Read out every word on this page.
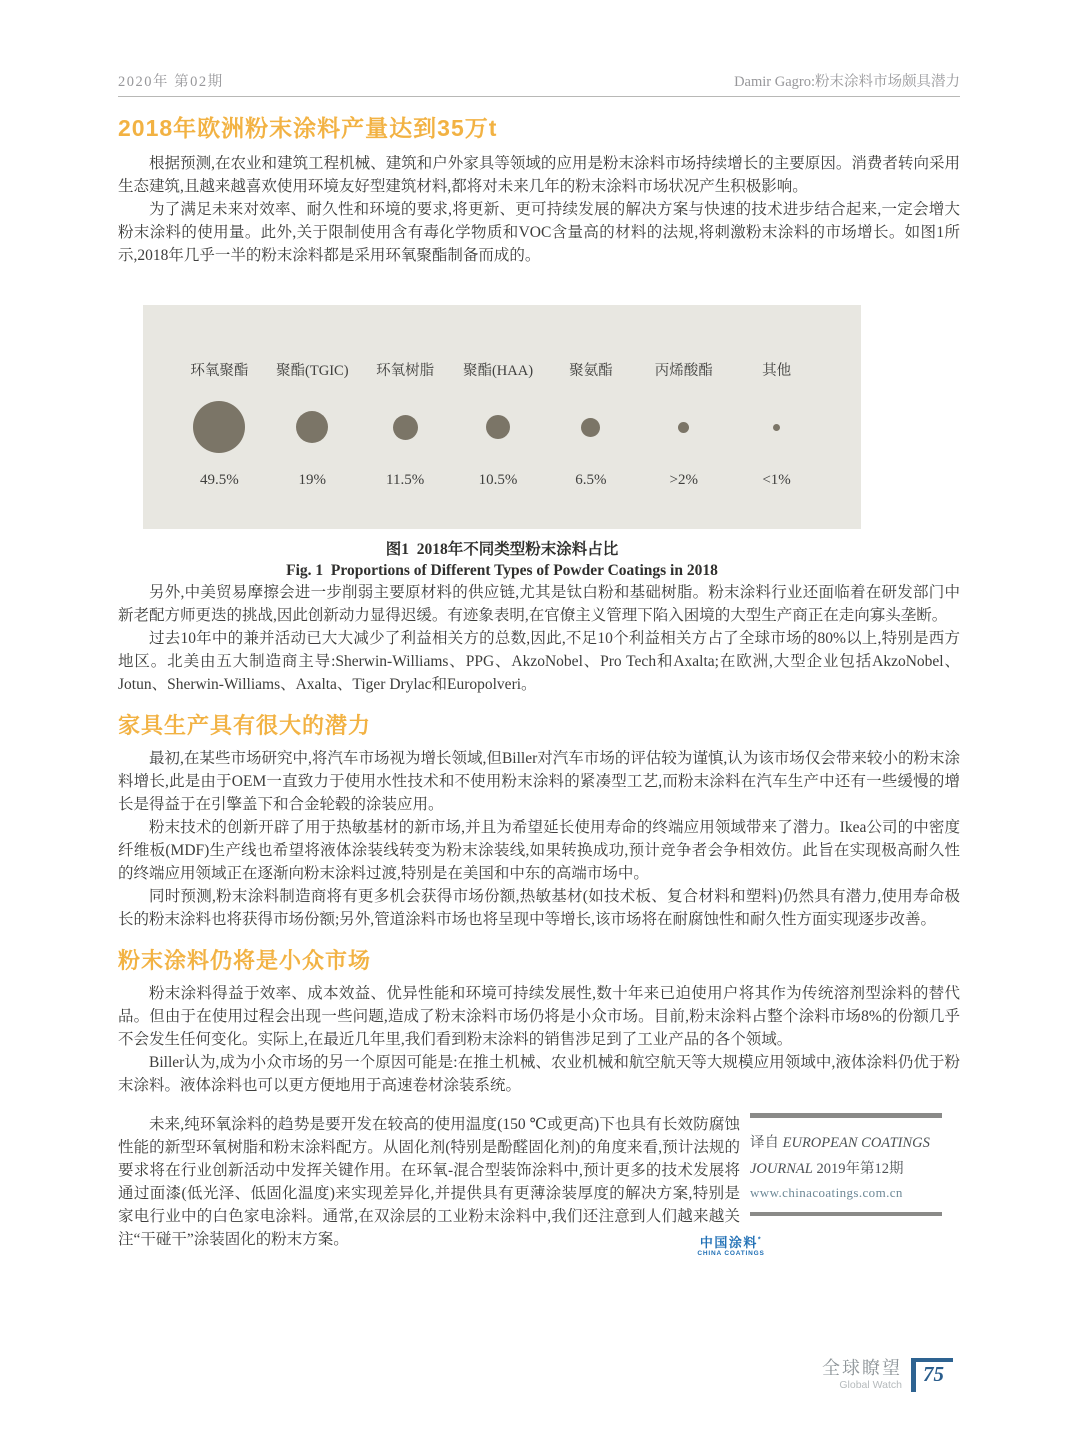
2020年 第02期	Damir Gagro:粉末涂料市场颇具潜力
2018年欧洲粉末涂料产量达到35万t

根据预测,在农业和建筑工程机械、建筑和户外家具等领域的应用是粉末涂料市场持续增长的主要原因。消费者转向采用生态建筑,且越来越喜欢使用环境友好型建筑材料,都将对未来几年的粉末涂料市场状况产生积极影响。

为了满足未来对效率、耐久性和环境的要求,将更新、更可持续发展的解决方案与快速的技术进步结合起来,一定会增大粉末涂料的使用量。此外,关于限制使用含有毒化学物质和VOC含量高的材料的法规,将刺激粉末涂料的市场增长。如图1所示,2018年几乎一半的粉末涂料都是采用环氧聚酯制备而成的。

环氧聚酯
49.5%
聚酯(TGIC)
19%
环氧树脂
11.5%
聚酯(HAA)
10.5%
聚氨酯
6.5%
丙烯酸酯
>2%
其他
<1%
图1  2018年不同类型粉末涂料占比
Fig. 1  Proportions of Different Types of Powder Coatings in 2018

另外,中美贸易摩擦会进一步削弱主要原材料的供应链,尤其是钛白粉和基础树脂。粉末涂料行业还面临着在研发部门中新老配方师更迭的挑战,因此创新动力显得迟缓。有迹象表明,在官僚主义管理下陷入困境的大型生产商正在走向寡头垄断。

过去10年中的兼并活动已大大减少了利益相关方的总数,因此,不足10个利益相关方占了全球市场的80%以上,特别是西方地区。北美由五大制造商主导:Sherwin-Williams、PPG、AkzoNobel、Pro Tech和Axalta;在欧洲,大型企业包括AkzoNobel、Jotun、Sherwin-Williams、Axalta、Tiger Drylac和Europolveri。

家具生产具有很大的潜力

最初,在某些市场研究中,将汽车市场视为增长领域,但Biller对汽车市场的评估较为谨慎,认为该市场仅会带来较小的粉末涂料增长,此是由于OEM一直致力于使用水性技术和不使用粉末涂料的紧凑型工艺,而粉末涂料在汽车生产中还有一些缓慢的增长是得益于在引擎盖下和合金轮毂的涂装应用。

粉末技术的创新开辟了用于热敏基材的新市场,并且为希望延长使用寿命的终端应用领域带来了潜力。Ikea公司的中密度纤维板(MDF)生产线也希望将液体涂装线转变为粉末涂装线,如果转换成功,预计竞争者会争相效仿。此旨在实现极高耐久性的终端应用领域正在逐渐向粉末涂料过渡,特别是在美国和中东的高端市场中。

同时预测,粉末涂料制造商将有更多机会获得市场份额,热敏基材(如技术板、复合材料和塑料)仍然具有潜力,使用寿命极长的粉末涂料也将获得市场份额;另外,管道涂料市场也将呈现中等增长,该市场将在耐腐蚀性和耐久性方面实现逐步改善。

粉末涂料仍将是小众市场

粉末涂料得益于效率、成本效益、优异性能和环境可持续发展性,数十年来已迫使用户将其作为传统溶剂型涂料的替代品。但由于在使用过程会出现一些问题,造成了粉末涂料市场仍将是小众市场。目前,粉末涂料占整个涂料市场8%的份额几乎不会发生任何变化。实际上,在最近几年里,我们看到粉末涂料的销售涉足到了工业产品的各个领域。

Biller认为,成为小众市场的另一个原因可能是:在推土机械、农业机械和航空航天等大规模应用领域中,液体涂料仍优于粉末涂料。液体涂料也可以更方便地用于高速卷材涂装系统。

未来,纯环氧涂料的趋势是要开发在较高的使用温度(150 ℃或更高)下也具有长效防腐蚀性能的新型环氧树脂和粉末涂料配方。从固化剂(特别是酚醛固化剂)的角度来看,预计法规的要求将在行业创新活动中发挥关键作用。在环氧-混合型装饰涂料中,预计更多的技术发展将通过面漆(低光泽、低固化温度)来实现差异化,并提供具有更薄涂装厚度的解决方案,特别是家电行业中的白色家电涂料。通常,在双涂层的工业粉末涂料中,我们还注意到人们越来越关注“干碰干”涂装固化的粉末方案。	中国涂料*
CHINA COATINGS
译自 EUROPEAN COATINGS JOURNAL 2019年第12期
www.chinacoatings.com.cn
全球瞭望
Global Watch	75
